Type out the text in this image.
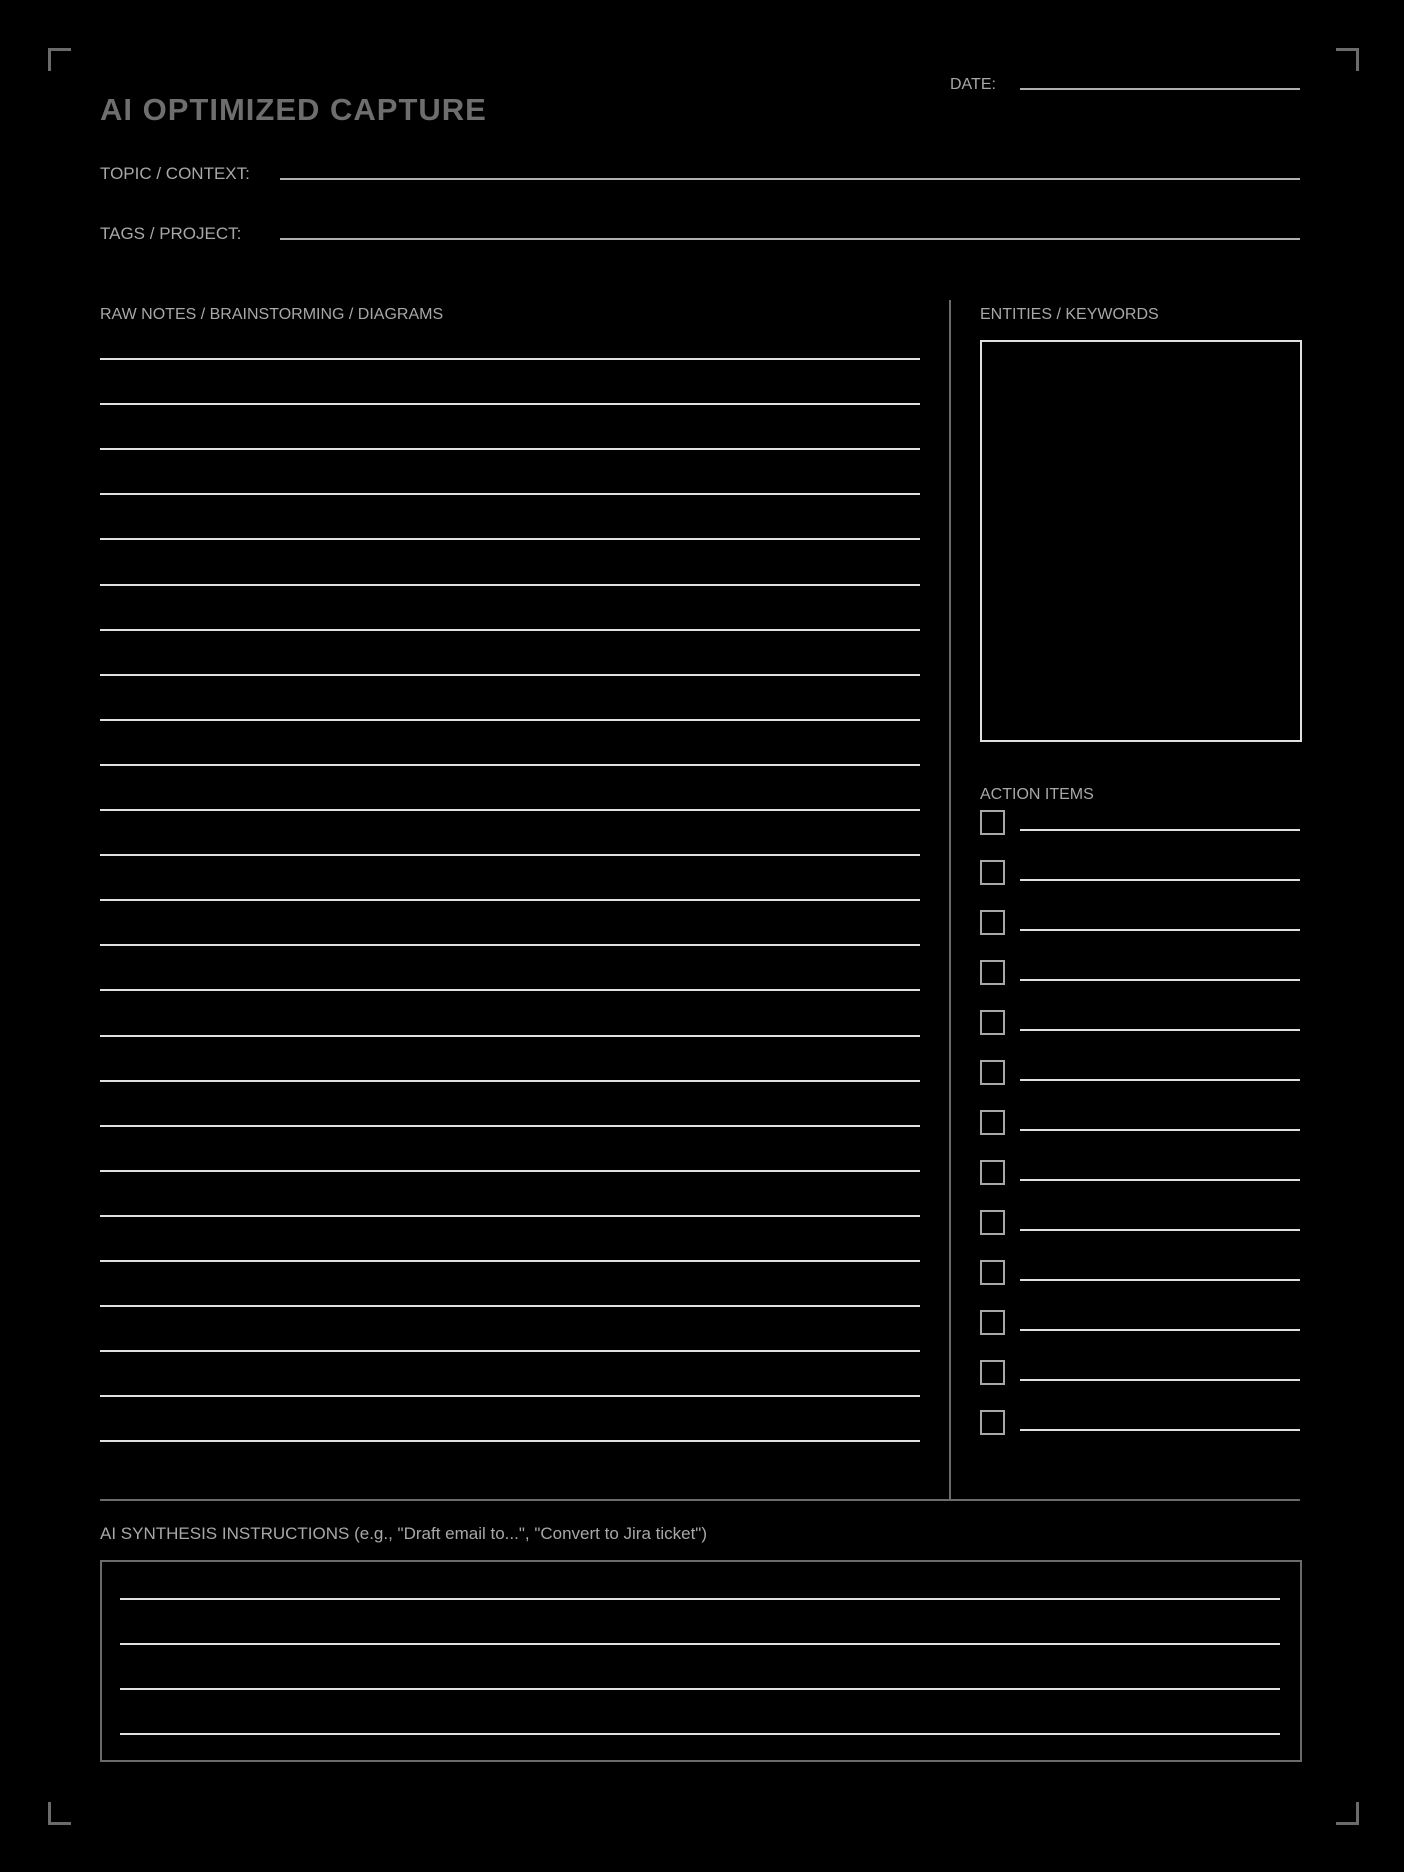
AI OPTIMIZED CAPTURE
DATE:
TOPIC / CONTEXT:
TAGS / PROJECT:
RAW NOTES / BRAINSTORMING / DIAGRAMS	ENTITIES / KEYWORDS
ACTION ITEMS
AI SYNTHESIS INSTRUCTIONS (e.g., "Draft email to...", "Convert to Jira ticket")
